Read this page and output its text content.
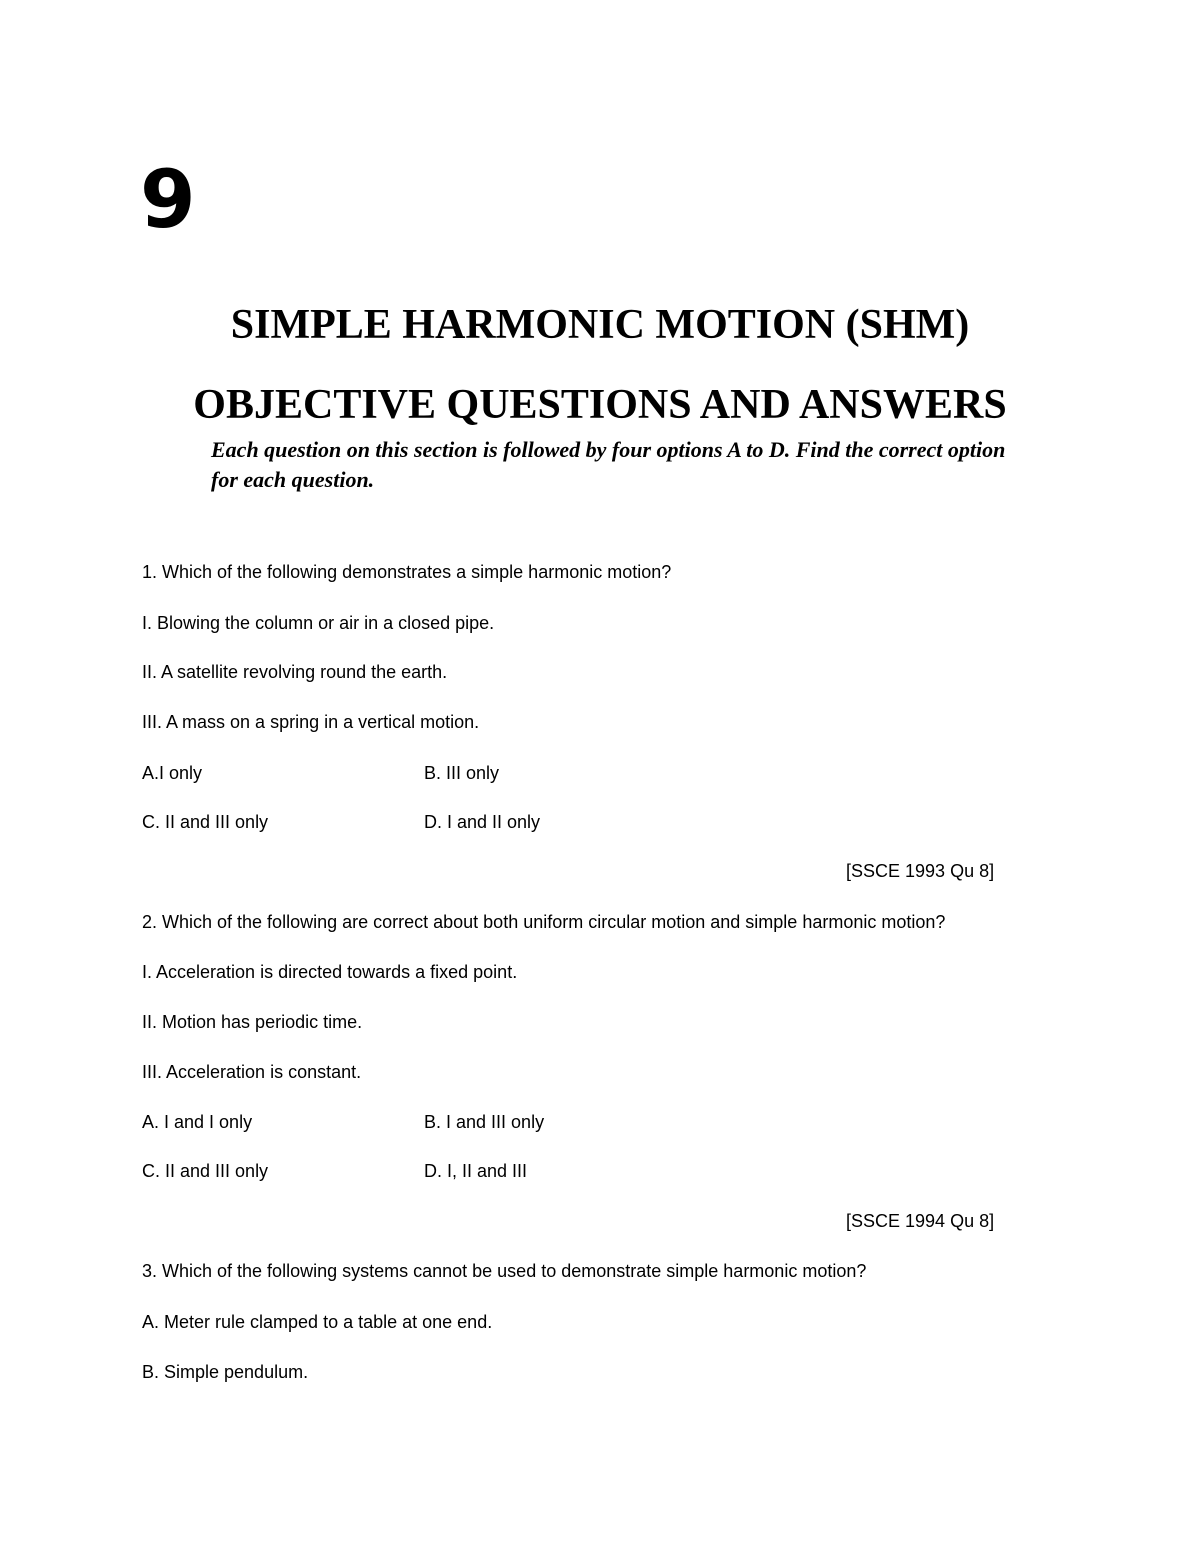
9
SIMPLE HARMONIC MOTION (SHM)
OBJECTIVE QUESTIONS AND ANSWERS
Each question on this section is followed by four options A to D. Find the correct option for each question.
1. Which of the following demonstrates a simple harmonic motion?
I. Blowing the column or air in a closed pipe.
II. A satellite revolving round the earth.
III. A mass on a spring in a vertical motion.
A.I only	B. III only
C. II and III only	D. I and II only
[SSCE 1993 Qu 8]
2. Which of the following are correct about both uniform circular motion and simple harmonic motion?
I. Acceleration is directed towards a fixed point.
II. Motion has periodic time.
III. Acceleration is constant.
A. I and I only	B. I and III only
C. II and III only	D. I, II and III
[SSCE 1994 Qu 8]
3. Which of the following systems cannot be used to demonstrate simple harmonic motion?
A. Meter rule clamped to a table at one end.
B. Simple pendulum.
